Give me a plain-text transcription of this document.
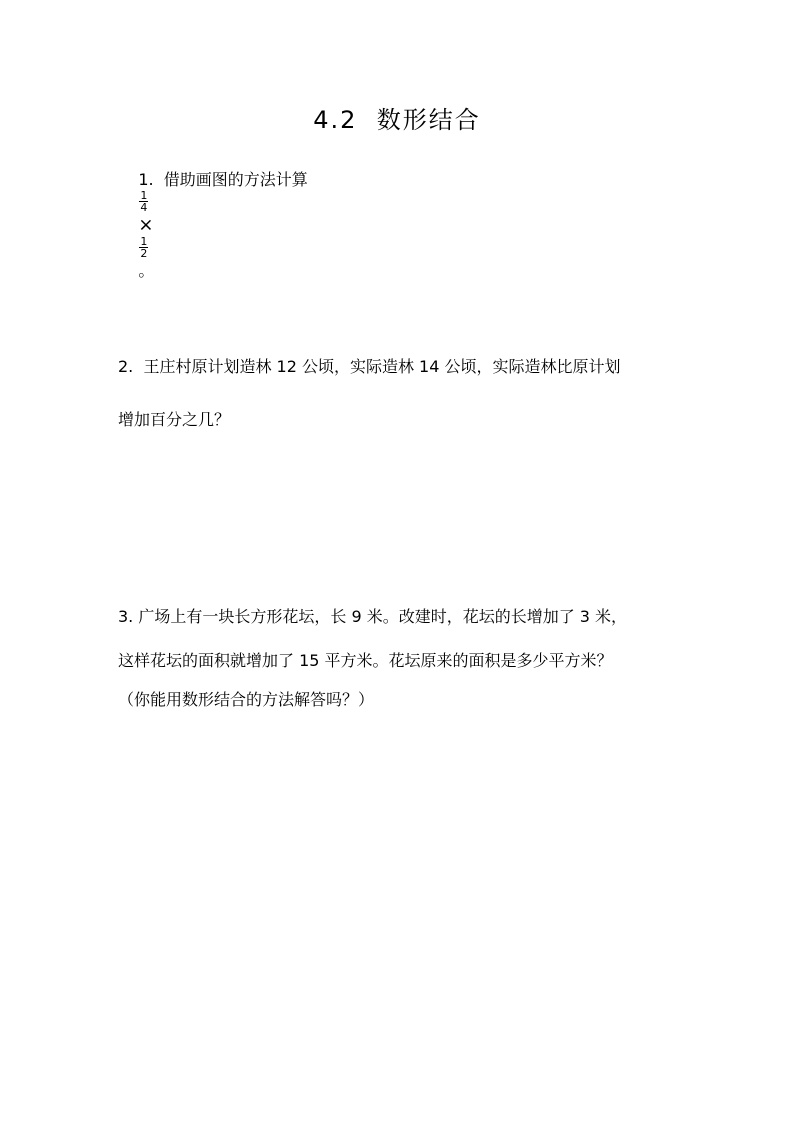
4.2  数形结合

1.  借助画图的方法计算

$\frac{1}{4}$

×

$\frac{1}{2}$

。

2.  王庄村原计划造林 12 公顷，实际造林 14 公顷，实际造林比原计划
增加百分之几？
3. 广场上有一块长方形花坛，长 9 米。改建时，花坛的长增加了 3 米，
这样花坛的面积就增加了 15 平方米。花坛原来的面积是多少平方米？
（你能用数形结合的方法解答吗？）
